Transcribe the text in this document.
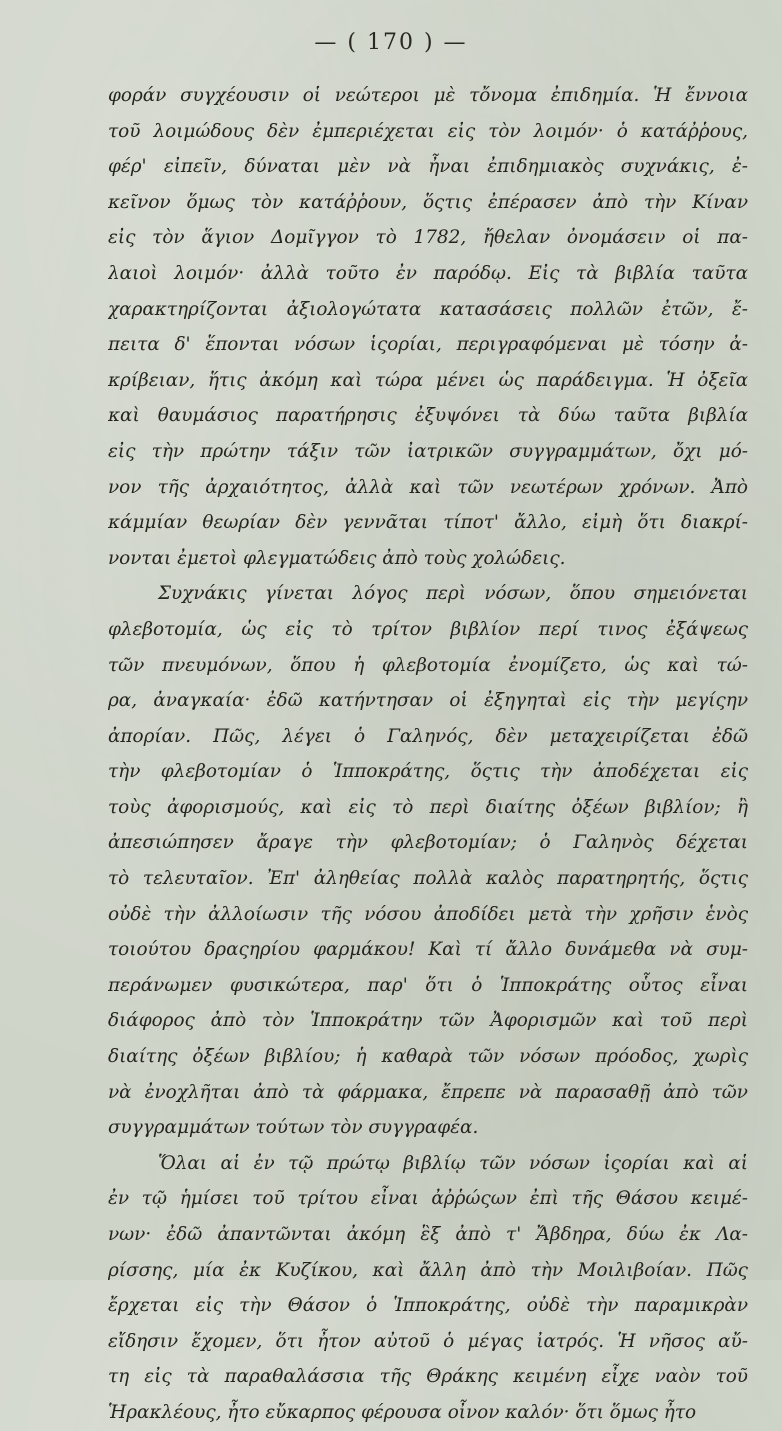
— ( 170 ) —
φοράν συγχέουσιν οἱ νεώτεροι μὲ τὄνομα ἐπιδημία. Ἡ ἔννοια
τοῦ λοιμώδους δὲν ἐμπεριέχεται εἰς τὸν λοιμόν· ὁ κατάῤῥους,
φέρ' εἰπεῖν, δύναται μὲν νὰ ἦναι ἐπιδημιακὸς συχνάκις, ἐ-
κεῖνον ὅμως τὸν κατάῤῥουν, ὅςτις ἐπέρασεν ἀπὸ τὴν Κίναν
εἰς τὸν ἅγιον Δομῖγγον τὸ 1782, ἤθελαν ὀνομάσειν οἱ πα-
λαιοὶ λοιμόν· ἀλλὰ τοῦτο ἐν παρόδῳ. Εἰς τὰ βιβλία ταῦτα
χαρακτηρίζονται ἀξιολογώτατα κατασάσεις πολλῶν ἐτῶν, ἔ-
πειτα δ' ἕπονται νόσων ἱςορίαι, περιγραφόμεναι μὲ τόσην ἀ-
κρίβειαν, ἥτις ἀκόμη καὶ τώρα μένει ὡς παράδειγμα. Ἡ ὀξεῖα
καὶ θαυμάσιος παρατήρησις ἐξυψόνει τὰ δύω ταῦτα βιβλία
εἰς τὴν πρώτην τάξιν τῶν ἰατρικῶν συγγραμμάτων, ὄχι μό-
νον τῆς ἀρχαιότητος, ἀλλὰ καὶ τῶν νεωτέρων χρόνων. Ἀπὸ
κάμμίαν θεωρίαν δὲν γεννᾶται τίποτ' ἄλλο, εἰμὴ ὅτι διακρί-
νονται ἐμετοὶ φλεγματώδεις ἀπὸ τοὺς χολώδεις.
Συχνάκις γίνεται λόγος περὶ νόσων, ὅπου σημειόνεται
φλεβοτομία, ὡς εἰς τὸ τρίτον βιβλίον περί τινος ἐξάψεως
τῶν πνευμόνων, ὅπου ἡ φλεβοτομία ἐνομίζετο, ὡς καὶ τώ-
ρα, ἀναγκαία· ἐδῶ κατήντησαν οἱ ἐξηγηταὶ εἰς τὴν μεγίςην
ἀπορίαν. Πῶς, λέγει ὁ Γαληνός, δὲν μεταχειρίζεται ἐδῶ
τὴν φλεβοτομίαν ὁ Ἱπποκράτης, ὅςτις τὴν ἀποδέχεται εἰς
τοὺς ἀφορισμούς, καὶ εἰς τὸ περὶ διαίτης ὀξέων βιβλίον; ἢ
ἀπεσιώπησεν ἄραγε τὴν φλεβοτομίαν; ὁ Γαληνὸς δέχεται
τὸ τελευταῖον. Ἐπ' ἀληθείας πολλὰ καλὸς παρατηρητής, ὅςτις
οὐδὲ τὴν ἀλλοίωσιν τῆς νόσου ἀποδίδει μετὰ τὴν χρῆσιν ἑνὸς
τοιούτου δραςηρίου φαρμάκου! Καὶ τί ἄλλο δυνάμεθα νὰ συμ-
περάνωμεν φυσικώτερα, παρ' ὅτι ὁ Ἱπποκράτης οὗτος εἶναι
διάφορος ἀπὸ τὸν Ἱπποκράτην τῶν Ἀφορισμῶν καὶ τοῦ περὶ
διαίτης ὀξέων βιβλίου; ἡ καθαρὰ τῶν νόσων πρόοδος, χωρὶς
νὰ ἐνοχλῆται ἀπὸ τὰ φάρμακα, ἔπρεπε νὰ παρασαθῇ ἀπὸ τῶν
συγγραμμάτων τούτων τὸν συγγραφέα.
Ὅλαι αἱ ἐν τῷ πρώτῳ βιβλίῳ τῶν νόσων ἱςορίαι καὶ αἱ
ἐν τῷ ἡμίσει τοῦ τρίτου εἶναι ἀῤῥώςων ἐπὶ τῆς Θάσου κειμέ-
νων· ἐδῶ ἀπαντῶνται ἀκόμη ἓξ ἀπὸ τ' Ἄβδηρα, δύω ἐκ Λα-
ρίσσης, μία ἐκ Κυζίκου, καὶ ἄλλη ἀπὸ τὴν Μοιλιβοίαν. Πῶς
ἔρχεται εἰς τὴν Θάσον ὁ Ἱπποκράτης, οὐδὲ τὴν παραμικρὰν
εἴδησιν ἔχομεν, ὅτι ἦτον αὐτοῦ ὁ μέγας ἰατρός. Ἡ νῆσος αὔ-
τη εἰς τὰ παραθαλάσσια τῆς Θράκης κειμένη εἶχε ναὸν τοῦ
Ἡρακλέους, ἦτο εὔκαρπος φέρουσα οἶνον καλόν· ὅτι ὅμως ἦτο
